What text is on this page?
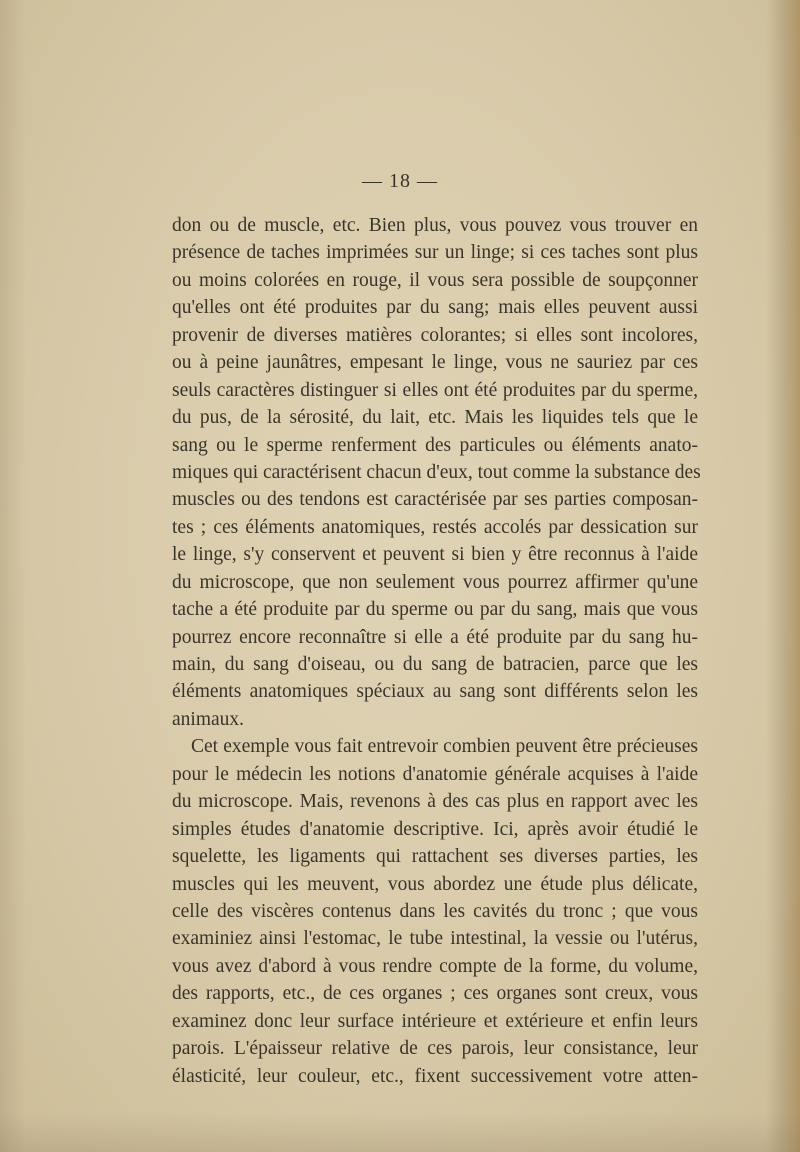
— 18 —
don ou de muscle, etc. Bien plus, vous pouvez vous trouver en
présence de taches imprimées sur un linge; si ces taches sont plus
ou moins colorées en rouge, il vous sera possible de soupçonner
qu'elles ont été produites par du sang; mais elles peuvent aussi
provenir de diverses matières colorantes; si elles sont incolores,
ou à peine jaunâtres, empesant le linge, vous ne sauriez par ces
seuls caractères distinguer si elles ont été produites par du sperme,
du pus, de la sérosité, du lait, etc. Mais les liquides tels que le
sang ou le sperme renferment des particules ou éléments anato-
miques qui caractérisent chacun d'eux, tout comme la substance des
muscles ou des tendons est caractérisée par ses parties composan-
tes ; ces éléments anatomiques, restés accolés par dessication sur
le linge, s'y conservent et peuvent si bien y être reconnus à l'aide
du microscope, que non seulement vous pourrez affirmer qu'une
tache a été produite par du sperme ou par du sang, mais que vous
pourrez encore reconnaître si elle a été produite par du sang hu-
main, du sang d'oiseau, ou du sang de batracien, parce que les
éléments anatomiques spéciaux au sang sont différents selon les
animaux.
Cet exemple vous fait entrevoir combien peuvent être précieuses
pour le médecin les notions d'anatomie générale acquises à l'aide
du microscope. Mais, revenons à des cas plus en rapport avec les
simples études d'anatomie descriptive. Ici, après avoir étudié le
squelette, les ligaments qui rattachent ses diverses parties, les
muscles qui les meuvent, vous abordez une étude plus délicate,
celle des viscères contenus dans les cavités du tronc ; que vous
examiniez ainsi l'estomac, le tube intestinal, la vessie ou l'utérus,
vous avez d'abord à vous rendre compte de la forme, du volume,
des rapports, etc., de ces organes ; ces organes sont creux, vous
examinez donc leur surface intérieure et extérieure et enfin leurs
parois. L'épaisseur relative de ces parois, leur consistance, leur
élasticité, leur couleur, etc., fixent successivement votre atten-
